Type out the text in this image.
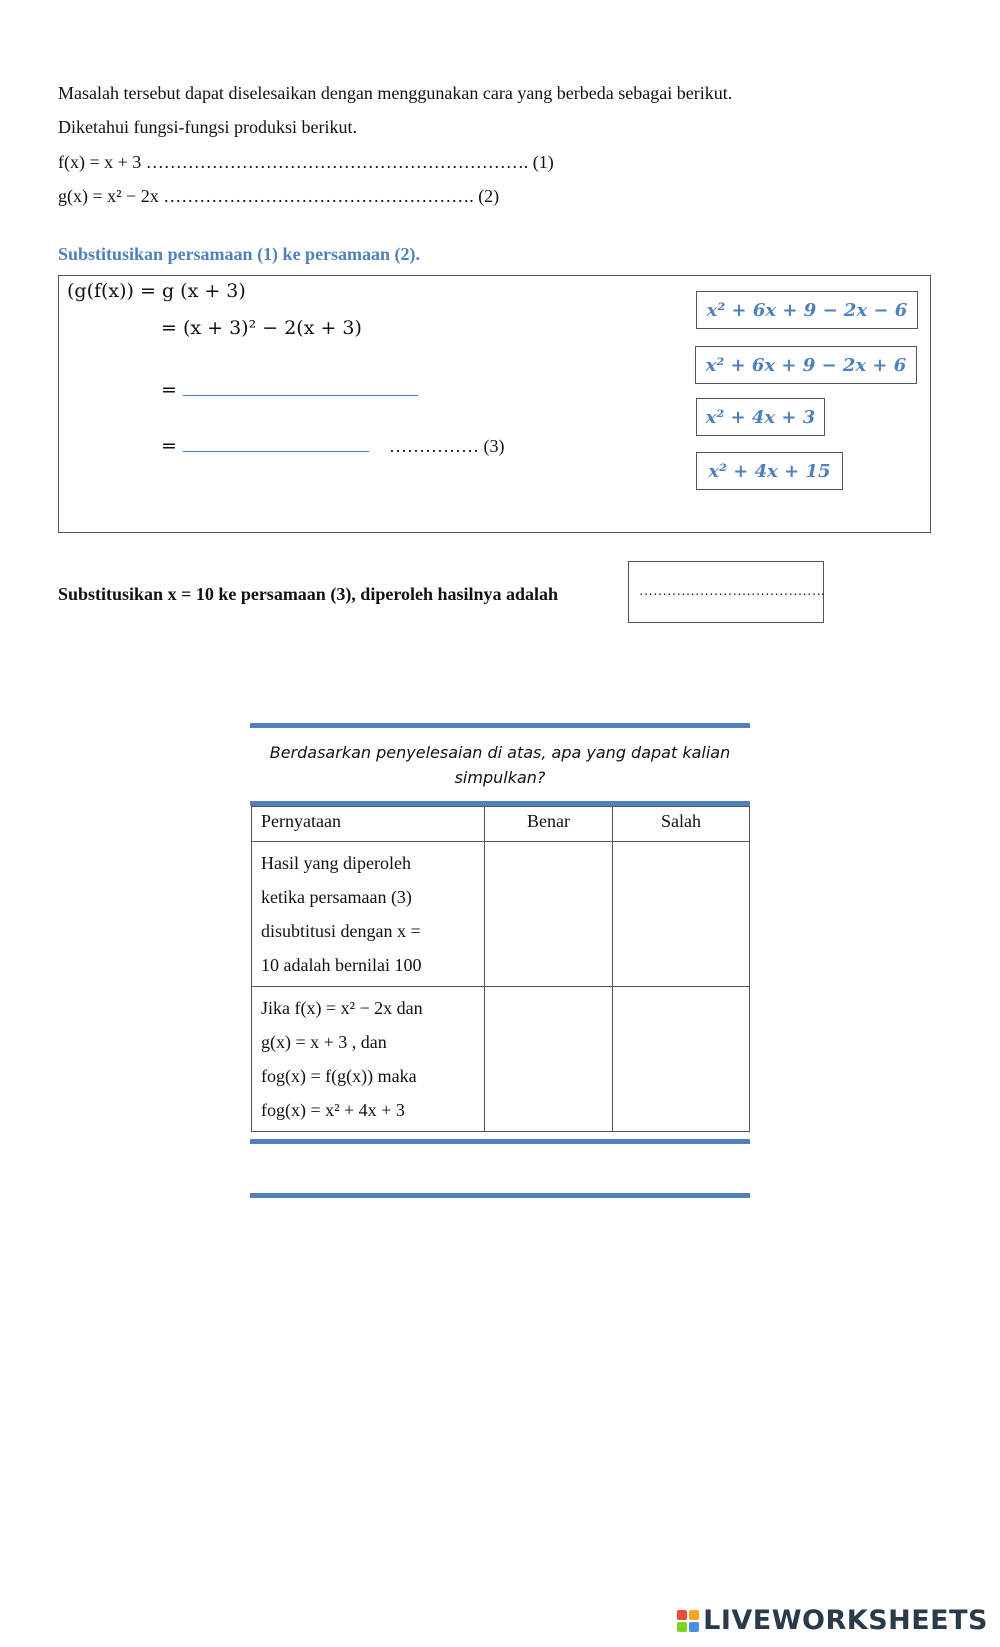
Masalah tersebut dapat diselesaikan dengan menggunakan cara yang berbeda sebagai berikut.
Diketahui fungsi-fungsi produksi berikut.
f(x) = x + 3 ………………………………………………………. (1)
g(x) = x² − 2x ……………………………………………. (2)
Substitusikan persamaan (1) ke persamaan (2).
(g(f(x)) = g (x + 3)
= (x + 3)² − 2(x + 3)
=
=	…………… (3)
x² + 6x + 9 − 2x − 6
x² + 6x + 9 − 2x + 6
x² + 4x + 3
x² + 4x + 15
Substitusikan x = 10 ke persamaan (3), diperoleh hasilnya adalah	………………………………….
Berdasarkan penyelesaian di atas, apa yang dapat kalian simpulkan?
Pernyataan	Benar	Salah

Hasil yang diperoleh
ketika persamaan (3)
disubtitusi dengan x =
10 adalah bernilai 100		

Jika f(x) = x² − 2x dan
g(x) = x + 3 , dan
fog(x) = f(g(x)) maka
fog(x) = x² + 4x + 3		

LIVEWORKSHEETS
